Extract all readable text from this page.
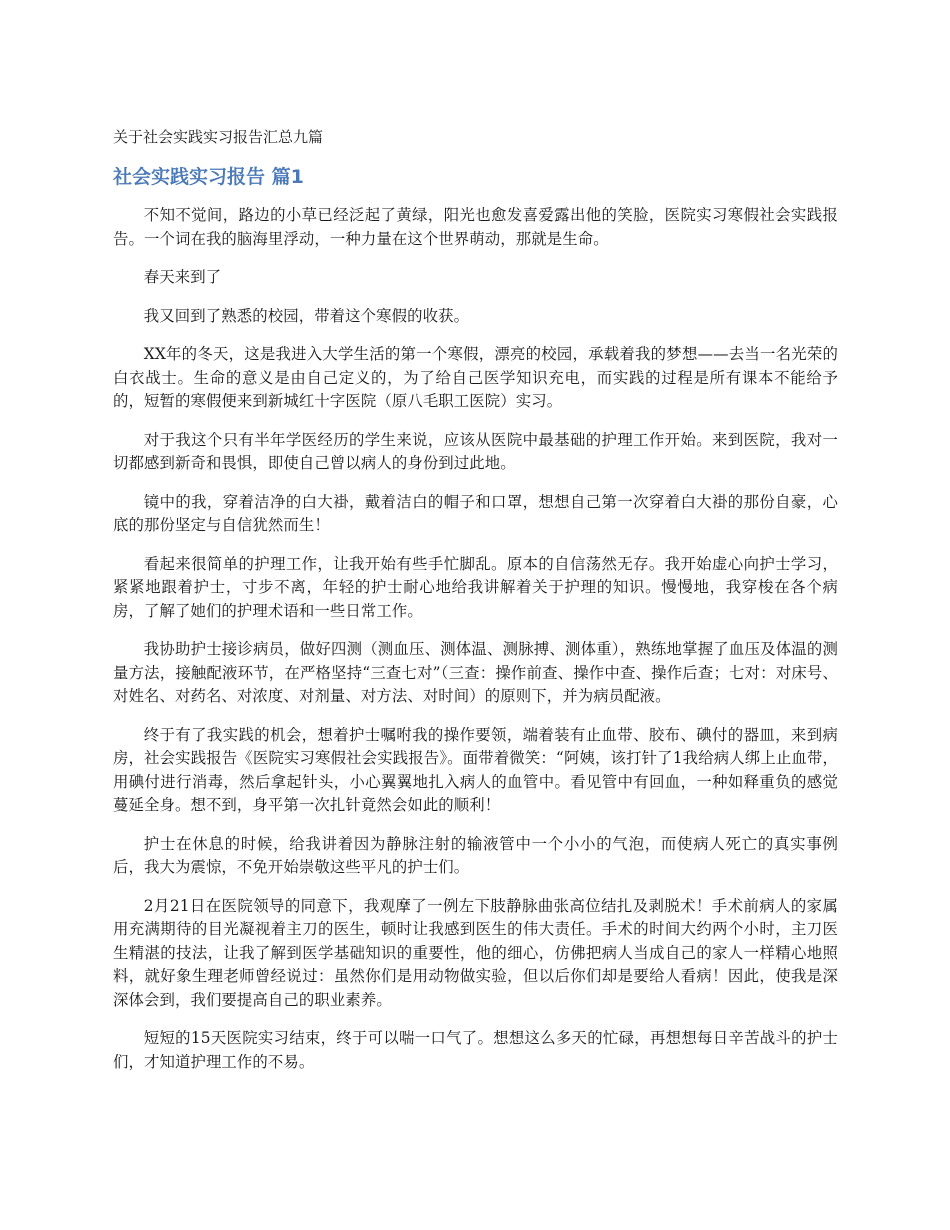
关于社会实践实习报告汇总九篇
社会实践实习报告 篇1

不知不觉间，路边的小草已经泛起了黄绿，阳光也愈发喜爱露出他的笑脸，医院实习寒假社会实践报告。一个词在我的脑海里浮动，一种力量在这个世界萌动，那就是生命。

春天来到了

我又回到了熟悉的校园，带着这个寒假的收获。

XX年的冬天，这是我进入大学生活的第一个寒假，漂亮的校园，承载着我的梦想——去当一名光荣的白衣战士。生命的意义是由自己定义的，为了给自己医学知识充电，而实践的过程是所有课本不能给予的，短暂的寒假便来到新城红十字医院（原八毛职工医院）实习。

对于我这个只有半年学医经历的学生来说，应该从医院中最基础的护理工作开始。来到医院，我对一切都感到新奇和畏惧，即使自己曾以病人的身份到过此地。

镜中的我，穿着洁净的白大褂，戴着洁白的帽子和口罩，想想自己第一次穿着白大褂的那份自豪，心底的那份坚定与自信犹然而生！

看起来很简单的护理工作，让我开始有些手忙脚乱。原本的自信荡然无存。我开始虚心向护士学习，紧紧地跟着护士，寸步不离，年轻的护士耐心地给我讲解着关于护理的知识。慢慢地，我穿梭在各个病房，了解了她们的护理术语和一些日常工作。

我协助护士接诊病员，做好四测（测血压、测体温、测脉搏、测体重），熟练地掌握了血压及体温的测量方法，接触配液环节，在严格坚持“三查七对”（三查：操作前查、操作中查、操作后查；七对：对床号、对姓名、对药名、对浓度、对剂量、对方法、对时间）的原则下，并为病员配液。

终于有了我实践的机会，想着护士嘱咐我的操作要领，端着装有止血带、胶布、碘付的器皿，来到病房，社会实践报告《医院实习寒假社会实践报告》。面带着微笑：“阿姨，该打针了1我给病人绑上止血带，用碘付进行消毒，然后拿起针头，小心翼翼地扎入病人的血管中。看见管中有回血，一种如释重负的感觉蔓延全身。想不到，身平第一次扎针竟然会如此的顺利！

护士在休息的时候，给我讲着因为静脉注射的输液管中一个小小的气泡，而使病人死亡的真实事例后，我大为震惊，不免开始崇敬这些平凡的护士们。

2月21日在医院领导的同意下，我观摩了一例左下肢静脉曲张高位结扎及剥脱术！手术前病人的家属用充满期待的目光凝视着主刀的医生，顿时让我感到医生的伟大责任。手术的时间大约两个小时，主刀医生精湛的技法，让我了解到医学基础知识的重要性，他的细心，仿佛把病人当成自己的家人一样精心地照料，就好象生理老师曾经说过：虽然你们是用动物做实验，但以后你们却是要给人看病！因此，使我是深深体会到，我们要提高自己的职业素养。

短短的15天医院实习结束，终于可以喘一口气了。想想这么多天的忙碌，再想想每日辛苦战斗的护士们，才知道护理工作的不易。
